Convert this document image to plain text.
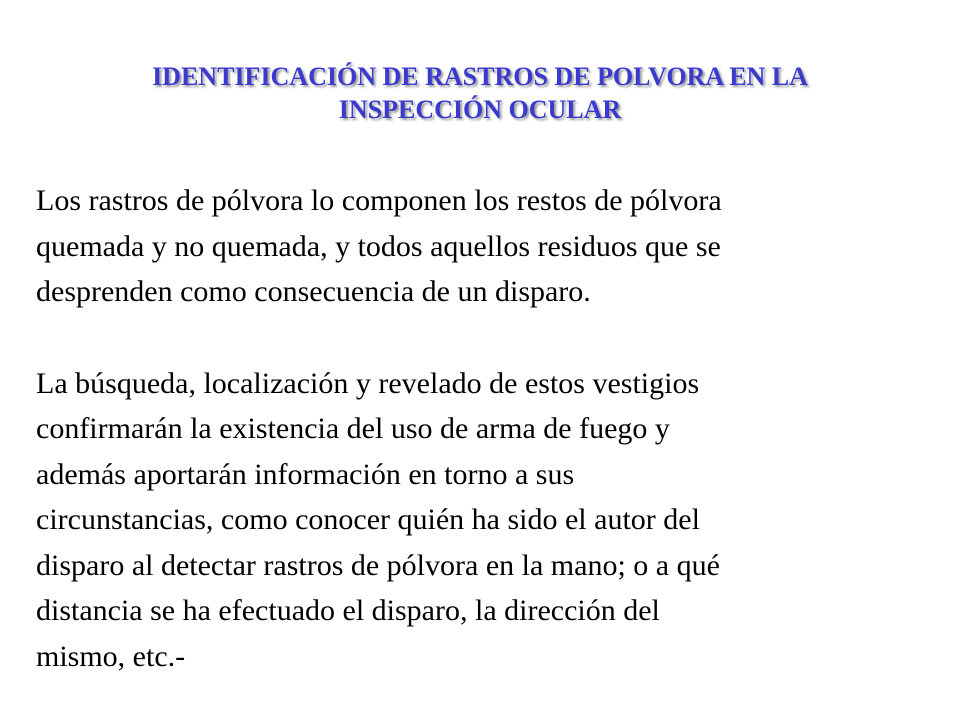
IDENTIFICACIÓN DE RASTROS DE POLVORA EN LA
INSPECCIÓN OCULAR

Los rastros de pólvora lo componen los restos de pólvora
quemada y no quemada, y todos aquellos residuos que se
desprenden como consecuencia de un disparo.

La búsqueda, localización y revelado de estos vestigios
confirmarán la existencia del uso de arma de fuego y
además aportarán información en torno a sus
circunstancias, como conocer quién ha sido el autor del
disparo al detectar rastros de pólvora en la mano; o a qué
distancia se ha efectuado el disparo, la dirección del
mismo, etc.-
